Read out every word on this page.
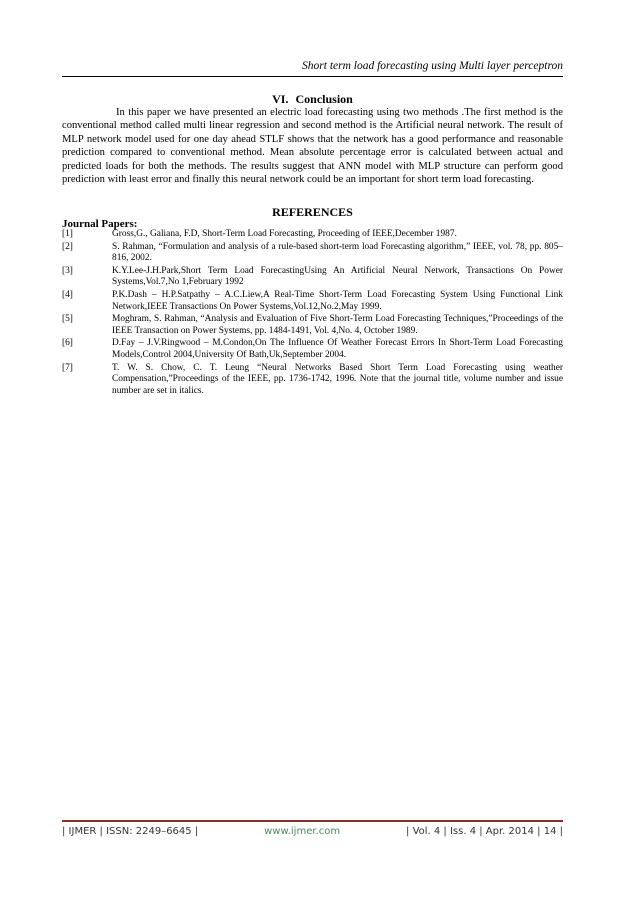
Short term load forecasting using Multi layer perceptron
VI. Conclusion
In this paper we have presented an electric load forecasting using two methods .The first method is the conventional method called multi linear regression and second method is the Artificial neural network. The result of MLP network model used for one day ahead STLF shows that the network has a good performance and reasonable prediction compared to conventional method. Mean absolute percentage error is calculated between actual and predicted loads for both the methods. The results suggest that ANN model with MLP structure can perform good prediction with least error and finally this neural network could be an important for short term load forecasting.
REFERENCES
Journal Papers:
[1]	Gross,G., Galiana, F.D, Short-Term Load Forecasting, Proceeding of IEEE,December 1987.
[2]	S. Rahman, “Formulation and analysis of a rule-based short-term load Forecasting algorithm,” IEEE, vol. 78, pp. 805–816, 2002.
[3]	K.Y.Lee-J.H.Park,Short Term Load ForecastingUsing An Artificial Neural Network, Transactions On Power Systems,Vol.7,No 1,February 1992
[4]	P.K.Dash – H.P.Satpathy – A.C.Liew,A Real-Time Short-Term Load Forecasting System Using Functional Link Network,IEEE Transactions On Power Systems,Vol.12,No.2,May 1999.
[5]	Moghram, S. Rahman, “Analysis and Evaluation of Five Short-Term Load Forecasting Techniques,”Proceedings of the IEEE Transaction on Power Systems, pp. 1484-1491, Vol. 4,No. 4, October 1989.
[6]	D.Fay – J.V.Ringwood – M.Condon,On The Influence Of Weather Forecast Errors In Short-Term Load Forecasting Models,Control 2004,University Of Bath,Uk,September 2004.
[7]	T. W. S. Chow, C. T. Leung “Neural Networks Based Short Term Load Forecasting using weather Compensation,”Proceedings of the IEEE, pp. 1736-1742, 1996. Note that the journal title, volume number and issue number are set in italics.
| IJMER | ISSN: 2249–6645 |	www.ijmer.com	| Vol. 4 | Iss. 4 | Apr. 2014 | 14 |
